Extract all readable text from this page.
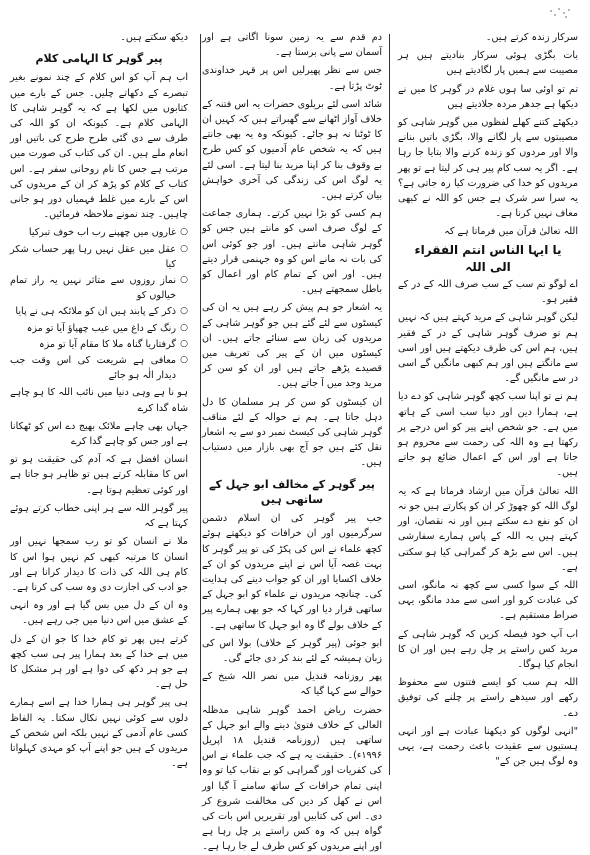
سرکار زندہ کرتے ہیں۔

بات بگڑی ہوئی سرکار بنادیتے ہیں ہر مصیبت سے ہمیں پار لگادیتے ہیں

تم تو اوئی سا ہوں غلام در گوہر کا میں نے دیکھا ہے جدھر مردہ جلادیتے ہیں

دیکھئے کتنے کھلے لفظوں میں گوہر شاہی کو مصیبتوں سے پار لگانے والا، بگڑی باتیں بنانے والا اور مردوں کو زندہ کرنے والا بتایا جا رہا ہے۔ اگر یہ سب کام پیر ہی کر لیتا ہے تو پھر مریدوں کو خدا کی ضرورت کیا رہ جاتی ہے؟ یہ سرا سر شرک ہے جس کو اللہ نے کبھی معاف نہیں کرنا ہے۔

اللہ تعالیٰ قرآن میں فرماتا ہے کہ

یا ایہا الناس انتم الفقراء
الی اللہ

اے لوگو تم سب کے سب صرف اللہ کے در کے فقیر ہو۔

لیکن گوہر شاہی کے مرید کہتے ہیں کہ نہیں ہم تو صرف گوہر شاہی کے در کے فقیر ہیں، ہم اس کی طرف دیکھتے ہیں اور اسی سے مانگتے ہیں اور ہم کبھی مانگیں گے اسی در سے مانگیں گے۔

ہم نے تو اپنا سب کچھ گوہر شاہی کو دے دیا ہے، ہمارا دین اور دنیا سب اسی کے ہاتھ میں ہے۔ جو شخص اپنے پیر کو اس درجے پر رکھتا ہے وہ اللہ کی رحمت سے محروم ہو جاتا ہے اور اس کے اعمال ضائع ہو جاتے ہیں۔

اللہ تعالیٰ قرآن میں ارشاد فرماتا ہے کہ یہ لوگ اللہ کو چھوڑ کر ان کو پکارتے ہیں جو نہ ان کو نفع دے سکتے ہیں اور نہ نقصان، اور کہتے ہیں یہ اللہ کے پاس ہمارے سفارشی ہیں۔ اس سے بڑھ کر گمراہی کیا ہو سکتی ہے۔

اللہ کے سوا کسی سے کچھ نہ مانگو، اسی کی عبادت کرو اور اسی سے مدد مانگو، یہی صراط مستقیم ہے۔

اب آپ خود فیصلہ کریں کہ گوہر شاہی کے مرید کس راستے پر چل رہے ہیں اور ان کا انجام کیا ہوگا۔

اللہ ہم سب کو ایسے فتنوں سے محفوظ رکھے اور سیدھے راستے پر چلنے کی توفیق دے۔

"انہی لوگوں کو دیکھنا عبادت ہے اور انہی ہستیوں سے عقیدت باعث رحمت ہے، یہی وہ لوگ ہیں جن کے"

دم قدم سے یہ زمین سونا اگاتی ہے اور آسمان سے پانی برستا ہے۔

جس سے نظر پھیرلیں اس پر قہر خداوندی ٹوٹ پڑتا ہے۔

شائد اسی لئے بریلوی حضرات یہ اس فتنہ کے خلاف آواز اٹھانے سے گھبراتے ہیں کہ کہیں ان کا ٹوٹنا نہ ہو جائے۔ کیونکہ وہ یہ بھی جانتے ہیں کہ یہ شخص عام آدمیوں کو کس طرح بے وقوف بنا کر اپنا مرید بنا لیتا ہے۔ اسی لئے یہ لوگ اس کی زندگی کی آخری خواہش بیان کرتے ہیں۔

ہم کسی کو بڑا نہیں کرتے۔ ہماری جماعت کے لوگ صرف اسی کو مانتے ہیں جس کو گوہر شاہی مانتے ہیں۔ اور جو کوئی اس کی بات نہ مانے اس کو وہ جہنمی قرار دیتے ہیں۔ اور اس کے تمام کام اور اعمال کو باطل سمجھتے ہیں۔

یہ اشعار جو ہم پیش کر رہے ہیں یہ ان کی کیسٹوں سے لئے گئے ہیں جو گوہر شاہی کے مریدوں کی زبان سے سنائے جاتے ہیں۔ ان کیسٹوں میں ان کے پیر کی تعریف میں قصیدے پڑھے جاتے ہیں اور ان کو سن کر مرید وجد میں آ جاتے ہیں۔

ان کیسٹوں کو سن کر ہر مسلمان کا دل دہل جاتا ہے۔ ہم نے حوالہ کے لئے مناقب گوہر شاہی کی کیسٹ نمبر دو سے یہ اشعار نقل کئے ہیں جو آج بھی بازار میں دستیاب ہیں۔

پیر گوہر کے مخالف ابو جہل کے ساتھی ہیں

جب پیر گوہر کی ان اسلام دشمن سرگرمیوں اور ان خرافات کو دیکھتے ہوئے کچھ علماء نے اس کی پکڑ کی تو پیر گوہر کا بہت غصہ آیا اس نے اپنے مریدوں کو ان کے خلاف اکسایا اور ان کو جواب دینے کی ہدایت کی۔ چنانچہ مریدوں نے علماء کو ابو جہل کے ساتھی قرار دیا اور کہا کہ جو بھی ہمارے پیر کے خلاف بولے گا وہ ابو جہل کا ساتھی ہے۔

ابو جوئی (پیر گوہر کے خلاف) بولا اس کی زبان ہمیشہ کے لئے بند کر دی جائے گی۔

پھر روزنامہ قندیل میں نصر اللہ شیخ کے حوالے سے کہا گیا کہ

حضرت ریاض احمد گوہر شاہی مدظلہ العالی کے خلاف فتویٰ دینے والے ابو جہل کے ساتھی ہیں (روزنامہ قندیل ۱۸ اپریل ۱۹۹۶ء)۔ حقیقت یہ ہے کہ جب علماء نے اس کی کفریات اور گمراہی کو بے نقاب کیا تو وہ اپنی تمام خرافات کے ساتھ سامنے آ گیا اور اس نے کھل کر دین کی مخالفت شروع کر دی۔ اس کی کتابیں اور تقریریں اس بات کی گواہ ہیں کہ وہ کس راستے پر چل رہا ہے اور اپنے مریدوں کو کس طرف لے جا رہا ہے۔

دیکھ سکتے ہیں۔

پیر گوہر کا الہامی کلام

اب ہم آپ کو اس کلام کے چند نمونے بغیر تبصرے کے دکھاتے چلیں۔ جس کے بارے میں کتابوں میں لکھا ہے کہ یہ گوہر شاہی کا الہامی کلام ہے۔ کیونکہ ان کو اللہ کی طرف سے دی گئی طرح طرح کی باتیں اور انعام ملے ہیں۔ ان کی کتاب کی صورت میں مرتب ہے جس کا نام روحانی سفر ہے۔ اس کتاب کے کلام کو پڑھ کر ان کے مریدوں کی اس کے بارے میں غلط فہمیاں دور ہو جانی چاہیں۔ چند نمونے ملاحظہ فرمائیں۔

○ غاروں میں چھپنے رب اب خوف تبرکیا
○ عقل میں عقل نہیں رہا پھر حساب شکر کیا
○ نماز روزوں سے متاثر نہیں یہ راز تمام خیالوں کو
○ ذکر کے پابند ہیں ان کو ملائکہ ہی نے پایا
○ رنگ کے داغ میں عیب چھپاؤ آیا تو مزہ
○ گرفتاریا گناہ ملا کا مقام آیا تو مزہ
○ معافی ہے شریعت کی اس وقت جب دیدار الٰہ ہو جائے

ہو نا ہے وہی دنیا میں نائب اللہ کا ہو چاہے شاہ گدا کرے

جہاں بھی چاہے ملائک بھیج دے اس کو ٹھکانا ہے اور جس کو چاہے گدا کرے

انسان افضل ہے کہ آدم کی حقیقت ہو تو اس کا مقابلہ کرتے ہیں تو ظاہر ہو جاتا ہے اور کوئی تعظیم ہوتا ہے۔

پیر گوہر اللہ سے ہر اپنی خطاب کرتے ہوئے کہتا ہے کہ

ملا نے انسان کو تو رب سمجھا نہیں اور انسان کا مرتبہ کبھی کم نہیں ہوا اس کا کام ہی اللہ کی ذات کا دیدار کرانا ہے اور جو ادب کی اجازت دی وہ سب کی کرنا ہے۔

وہ ان کے دل میں بس گیا ہے اور وہ انہی کے عشق میں اس دنیا میں جی رہے ہیں۔

کرتے ہیں پھر تو کام خدا کا جو ان کے دل میں ہے خدا کے بعد ہمارا پیر ہی سب کچھ ہے جو ہر دکھ کی دوا ہے اور ہر مشکل کا حل ہے۔

ہی پیر گوہر ہی ہمارا خدا ہے اسے ہمارے دلوں سے کوئی نہیں نکال سکتا۔ یہ الفاظ کسی عام آدمی کے نہیں بلکہ اس شخص کے مریدوں کے ہیں جو اپنے آپ کو مہدی کہلواتا ہے۔
